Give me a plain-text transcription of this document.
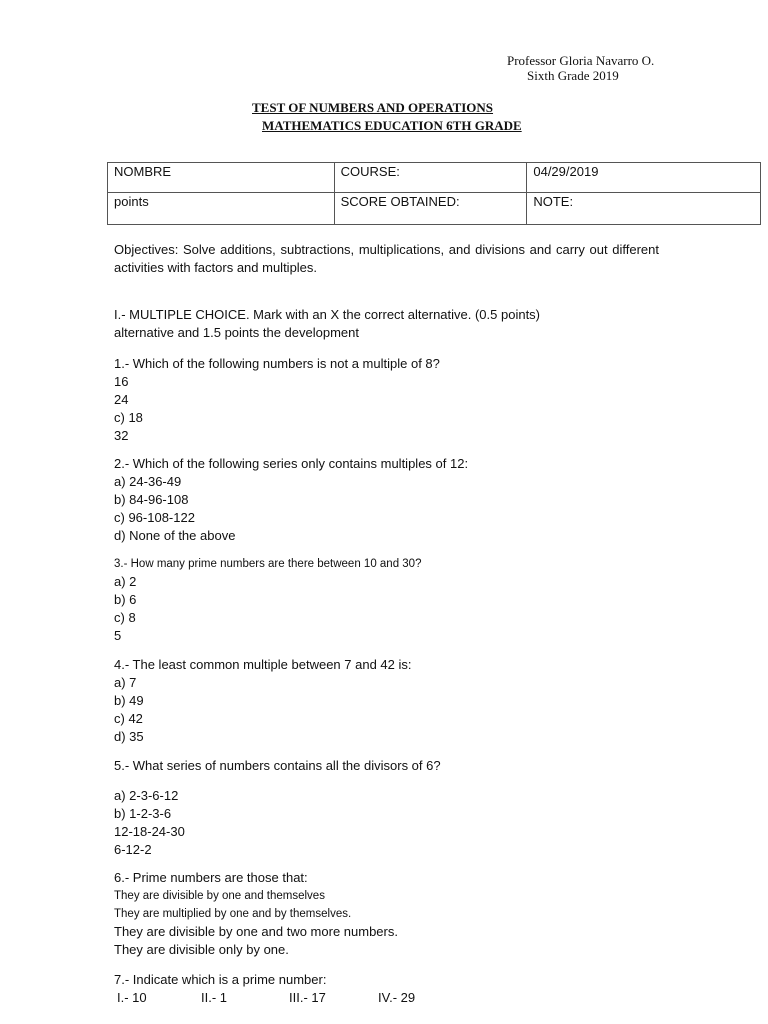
Professor Gloria Navarro O.
Sixth Grade 2019
TEST OF NUMBERS AND OPERATIONS
MATHEMATICS EDUCATION 6TH GRADE
NOMBRE	COURSE:	04/29/2019

points	SCORE OBTAINED:	NOTE:
Objectives: Solve additions, subtractions, multiplications, and divisions and carry out different activities with factors and multiples.
I.- MULTIPLE CHOICE. Mark with an X the correct alternative. (0.5 points)
alternative and 1.5 points the development
1.- Which of the following numbers is not a multiple of 8?
16
24
c) 18
32
2.- Which of the following series only contains multiples of 12:
a) 24-36-49
b) 84-96-108
c) 96-108-122
d) None of the above
3.- How many prime numbers are there between 10 and 30?
a) 2
b) 6
c) 8
5
4.- The least common multiple between 7 and 42 is:
a) 7
b) 49
c) 42
d) 35
5.- What series of numbers contains all the divisors of 6?
a) 2-3-6-12
b) 1-2-3-6
12-18-24-30
6-12-2
6.- Prime numbers are those that:
They are divisible by one and themselves
They are multiplied by one and by themselves.
They are divisible by one and two more numbers.
They are divisible only by one.
7.- Indicate which is a prime number:
I.- 10	II.- 1	III.- 17	IV.- 29
